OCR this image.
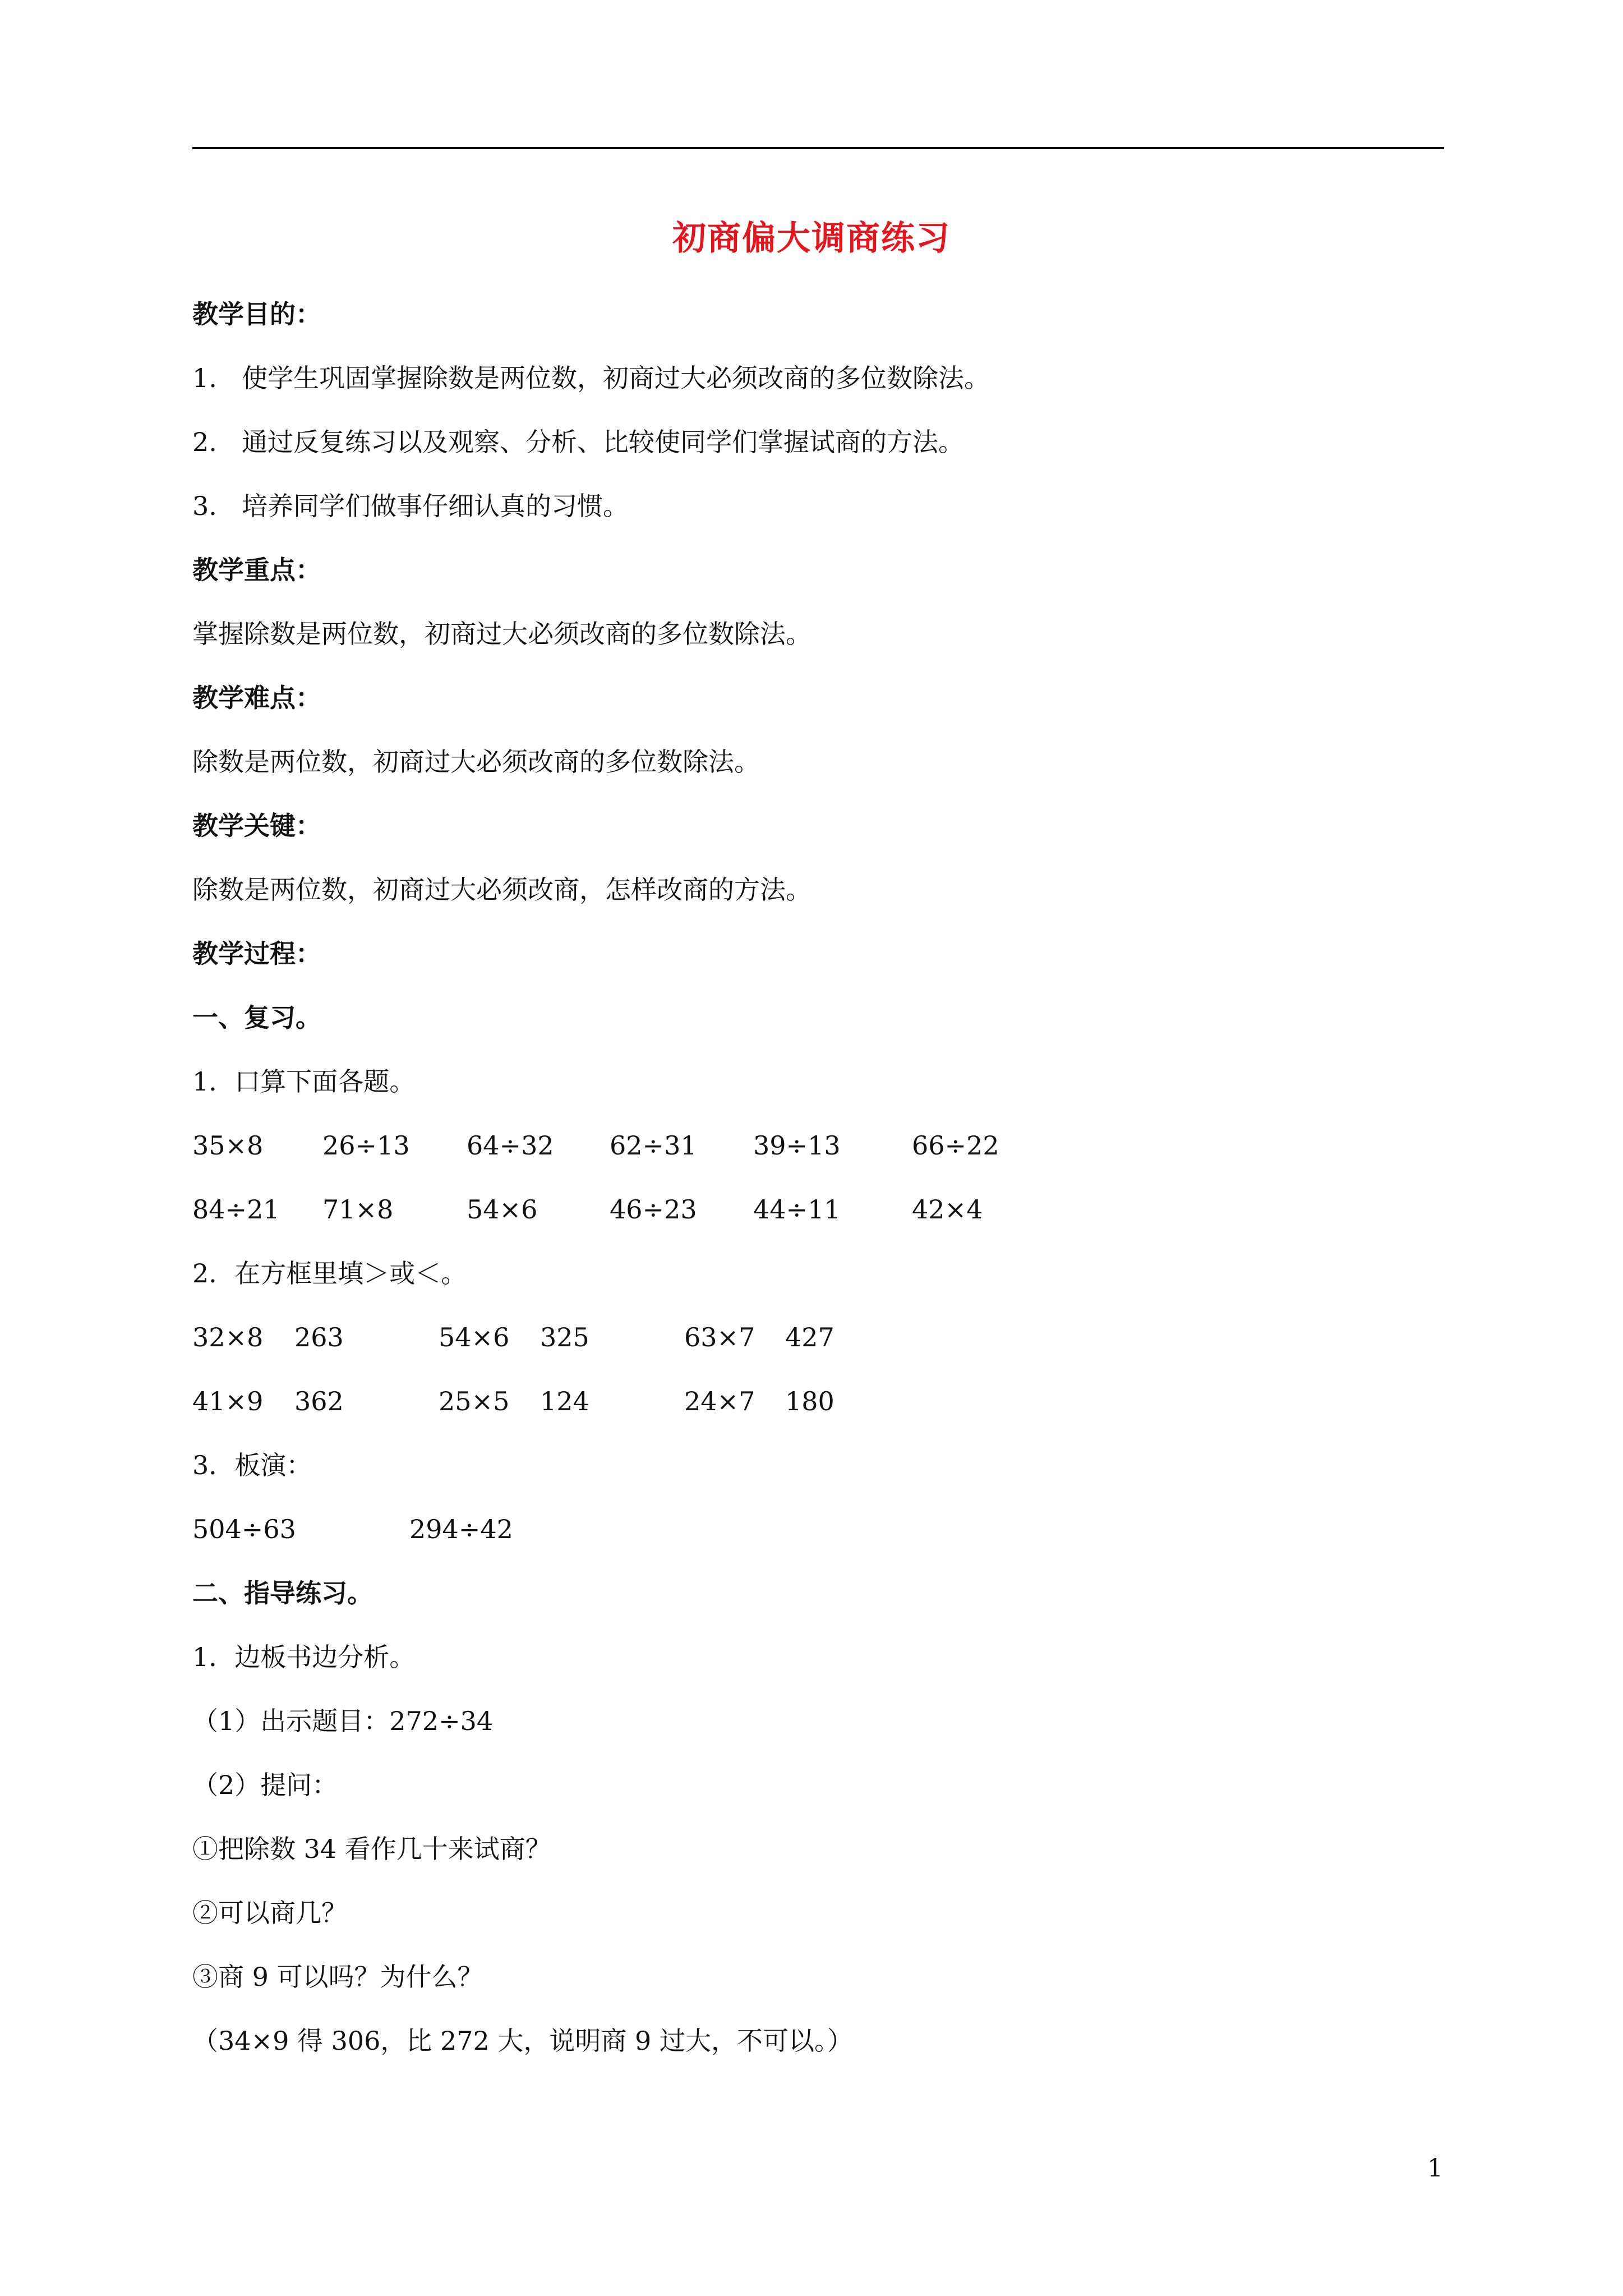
初商偏大调商练习
教学目的：
1. 使学生巩固掌握除数是两位数，初商过大必须改商的多位数除法。
2. 通过反复练习以及观察、分析、比较使同学们掌握试商的方法。
3. 培养同学们做事仔细认真的习惯。
教学重点：
掌握除数是两位数，初商过大必须改商的多位数除法。
教学难点：
除数是两位数，初商过大必须改商的多位数除法。
教学关键：
除数是两位数，初商过大必须改商，怎样改商的方法。
教学过程：
一、复习。
1．口算下面各题。
35×8 26÷13 64÷32 62÷31 39÷13	66÷22
84÷21 71×8	54×6	46÷23 44÷11	42×4
2．在方框里填＞或＜。
32×8 263	54×6 325	63×7 427
41×9 362	25×5 124	24×7 180
3．板演：
504÷63	294÷42
二、指导练习。
1．边板书边分析。
（1）出示题目：272÷34
（2）提问：
①把除数 34 看作几十来试商？
②可以商几？
③商 9 可以吗？为什么？
（34×9 得 306，比 272 大，说明商 9 过大，不可以。）
1
